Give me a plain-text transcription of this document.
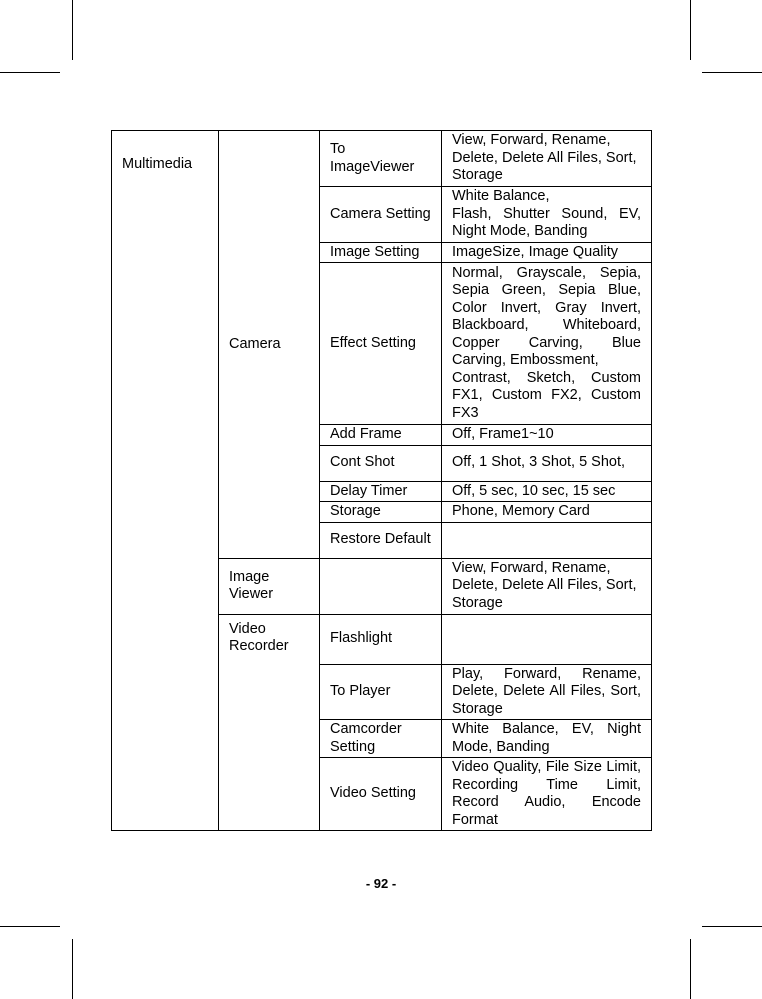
Multimedia	Camera	To ImageViewer	View, Forward, Rename, Delete, Delete All Files, Sort, Storage
		Camera Setting	White Balance,
Flash, Shutter Sound, EV, Night Mode, Banding

		Image Setting	ImageSize, Image Quality
		Effect Setting	Normal, Grayscale, Sepia, Sepia Green, Sepia Blue, Color Invert, Gray Invert, Blackboard, Whiteboard, Copper Carving, Blue Carving, Embossment,
Contrast, Sketch, Custom FX1, Custom FX2, Custom FX3

		Add Frame	Off, Frame1~10
		Cont Shot	Off, 1 Shot, 3 Shot, 5 Shot,
		Delay Timer	Off, 5 sec, 10 sec, 15 sec
		Storage	Phone, Memory Card
		Restore Default	
	Image Viewer		View, Forward, Rename, Delete, Delete All Files, Sort, Storage
	Video Recorder	Flashlight	
		To Player	Play, Forward, Rename, Delete, Delete All Files, Sort, Storage
		Camcorder Setting	White Balance, EV, Night Mode, Banding
		Video Setting	Video Quality, File Size Limit, Recording Time Limit, Record Audio, Encode Format
- 92 -
